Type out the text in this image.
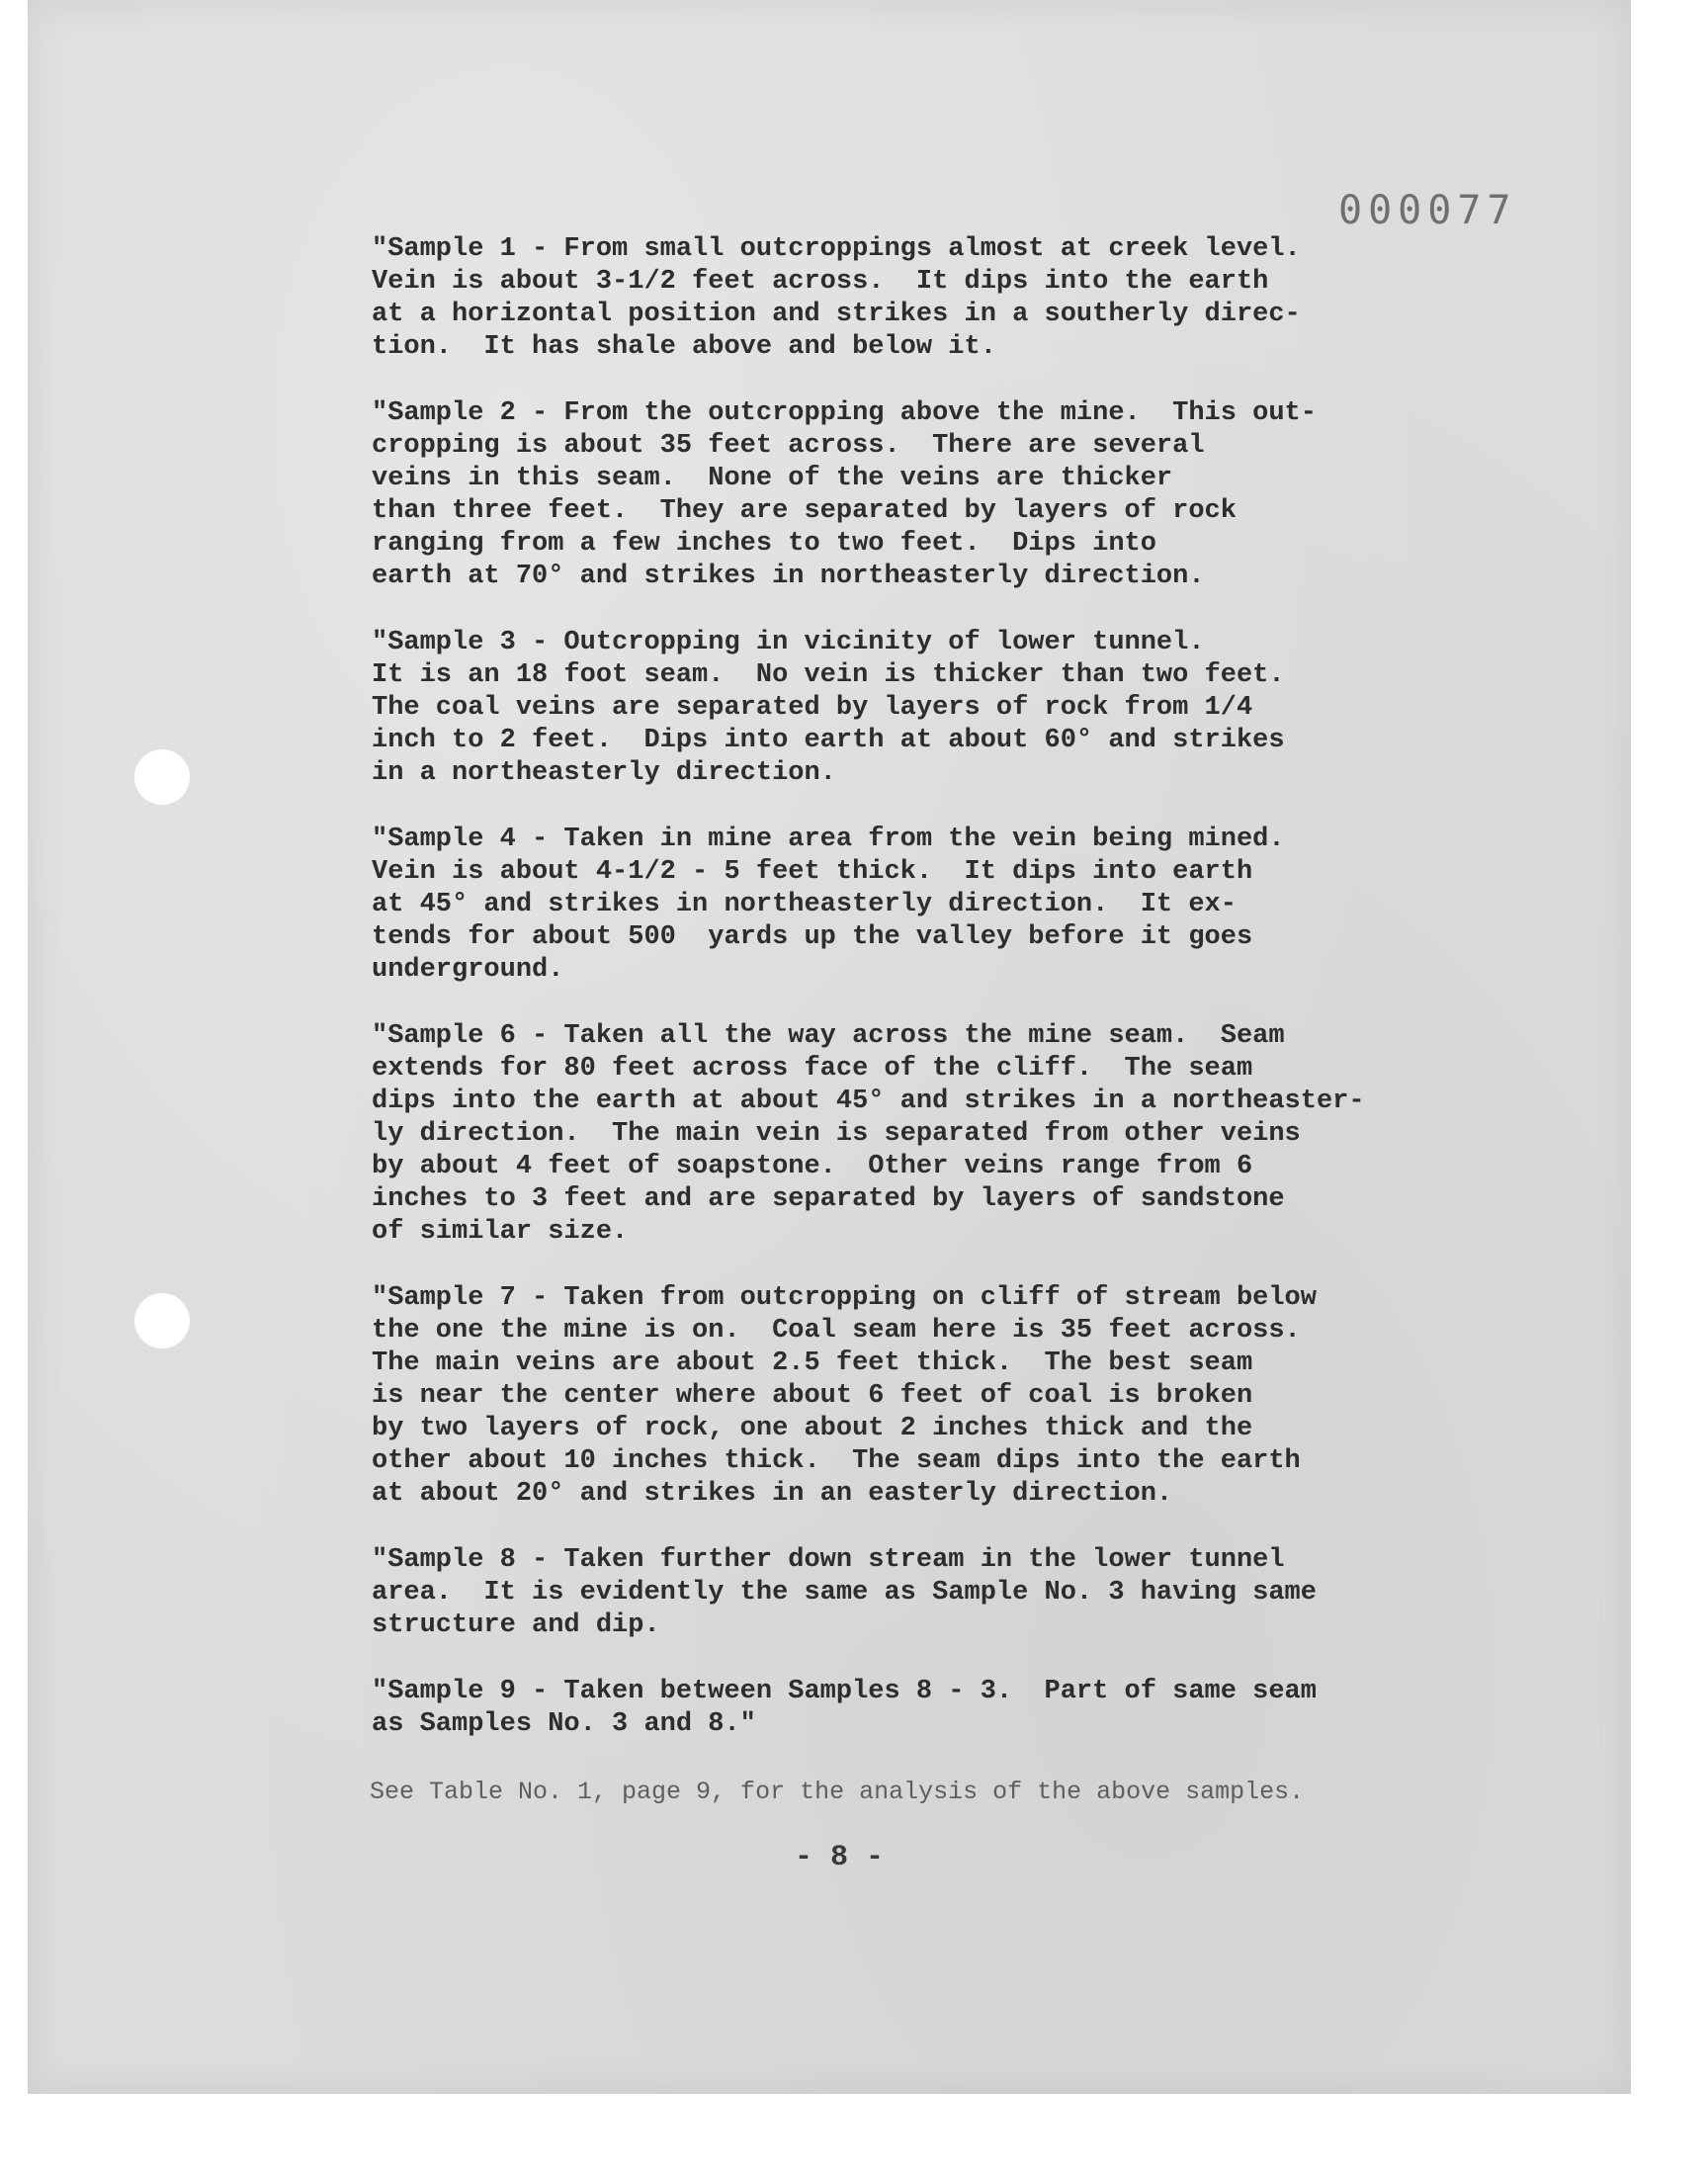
000077
"Sample 1 - From small outcroppings almost at creek level.
Vein is about 3-1/2 feet across.  It dips into the earth
at a horizontal position and strikes in a southerly direc-
tion.  It has shale above and below it.
"Sample 2 - From the outcropping above the mine.  This out-
cropping is about 35 feet across.  There are several
veins in this seam.  None of the veins are thicker
than three feet.  They are separated by layers of rock
ranging from a few inches to two feet.  Dips into
earth at 70° and strikes in northeasterly direction.
"Sample 3 - Outcropping in vicinity of lower tunnel.
It is an 18 foot seam.  No vein is thicker than two feet.
The coal veins are separated by layers of rock from 1/4
inch to 2 feet.  Dips into earth at about 60° and strikes
in a northeasterly direction.
"Sample 4 - Taken in mine area from the vein being mined.
Vein is about 4-1/2 - 5 feet thick.  It dips into earth
at 45° and strikes in northeasterly direction.  It ex-
tends for about 500  yards up the valley before it goes
underground.
"Sample 6 - Taken all the way across the mine seam.  Seam
extends for 80 feet across face of the cliff.  The seam
dips into the earth at about 45° and strikes in a northeaster-
ly direction.  The main vein is separated from other veins
by about 4 feet of soapstone.  Other veins range from 6
inches to 3 feet and are separated by layers of sandstone
of similar size.
"Sample 7 - Taken from outcropping on cliff of stream below
the one the mine is on.  Coal seam here is 35 feet across.
The main veins are about 2.5 feet thick.  The best seam
is near the center where about 6 feet of coal is broken
by two layers of rock, one about 2 inches thick and the
other about 10 inches thick.  The seam dips into the earth
at about 20° and strikes in an easterly direction.
"Sample 8 - Taken further down stream in the lower tunnel
area.  It is evidently the same as Sample No. 3 having same
structure and dip.
"Sample 9 - Taken between Samples 8 - 3.  Part of same seam
as Samples No. 3 and 8."
See Table No. 1, page 9, for the analysis of the above samples.
- 8 -
